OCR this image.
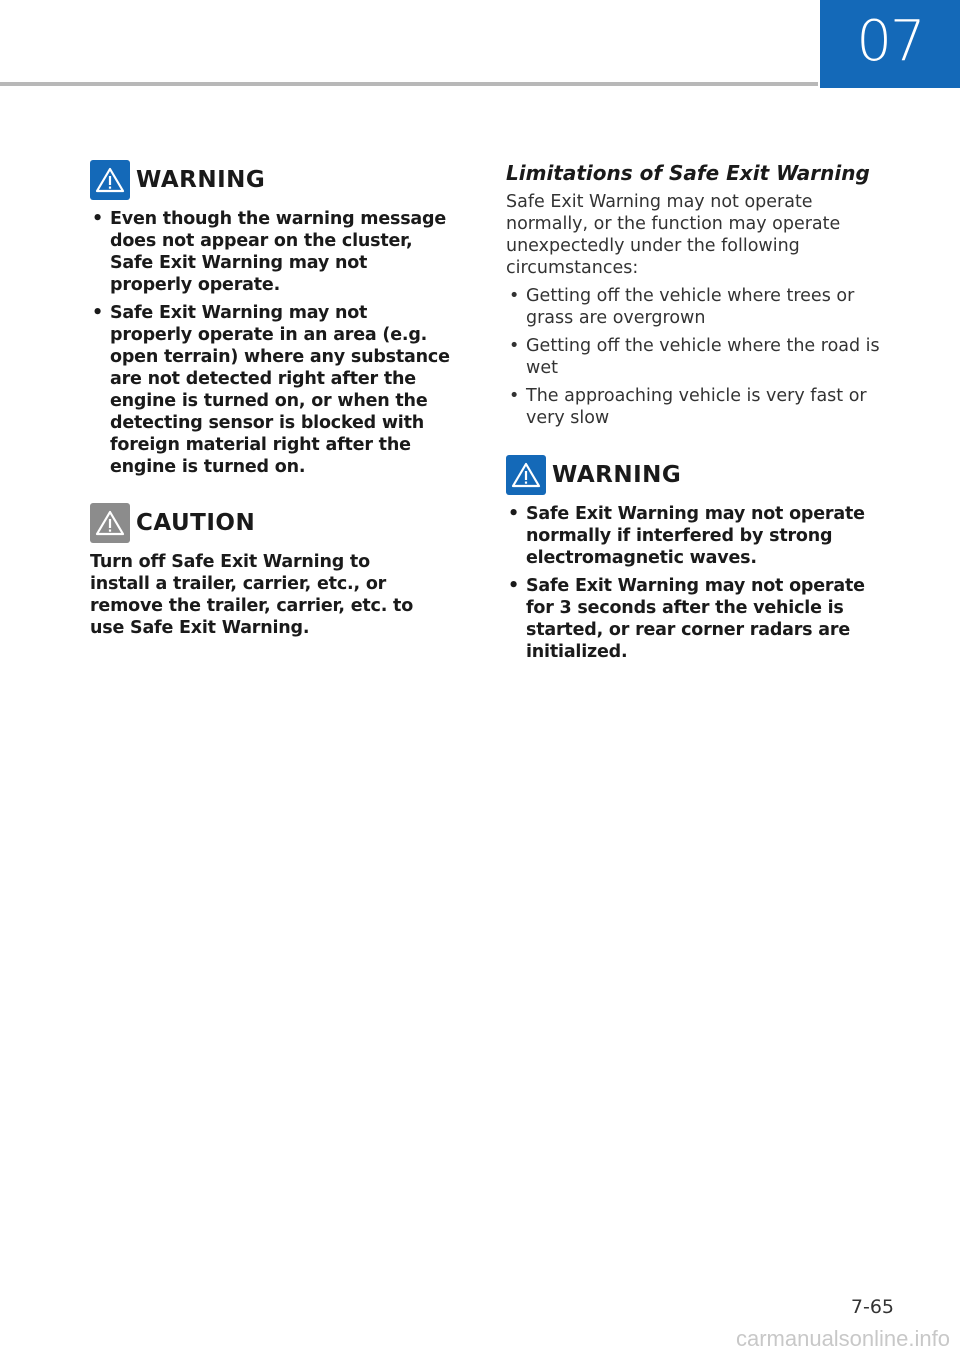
07
WARNING
• Even though the warning message does not appear on the cluster, Safe Exit Warning may not properly operate.
• Safe Exit Warning may not properly operate in an area (e.g. open terrain) where any substance are not detected right after the engine is turned on, or when the detecting sensor is blocked with foreign material right after the engine is turned on.
CAUTION

Turn off Safe Exit Warning to install a trailer, carrier, etc., or remove the trailer, carrier, etc. to use Safe Exit Warning.

Limitations of Safe Exit Warning

Safe Exit Warning may not operate normally, or the function may operate unexpectedly under the following circumstances:

• Getting off the vehicle where trees or grass are overgrown
• Getting off the vehicle where the road is wet
• The approaching vehicle is very fast or very slow
WARNING
• Safe Exit Warning may not operate normally if interfered by strong electromagnetic waves.
• Safe Exit Warning may not operate for 3 seconds after the vehicle is started, or rear corner radars are initialized.
7-65
carmanualsonline.info
